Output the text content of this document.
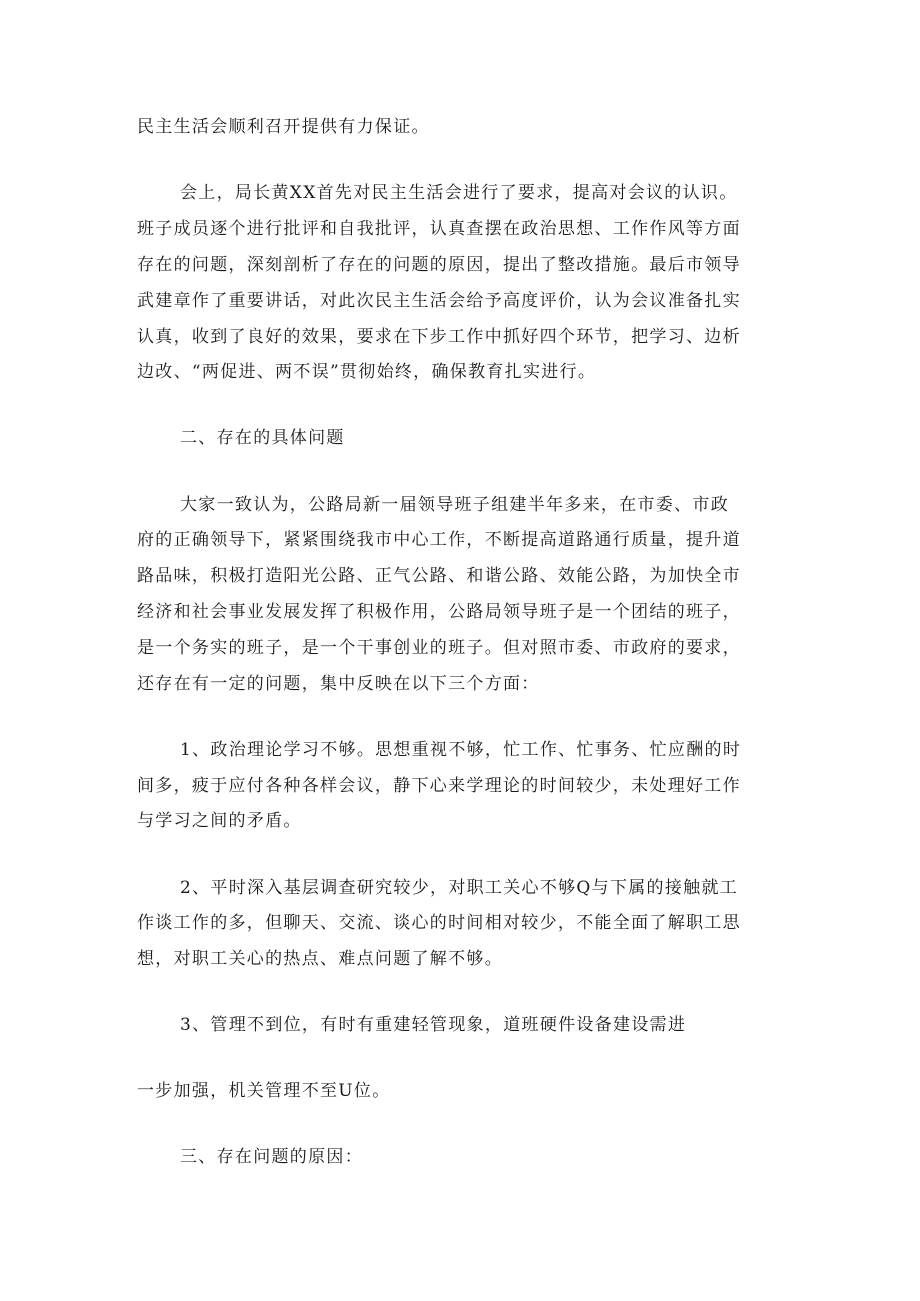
民主生活会顺利召开提供有力保证。

会上，局长黄XX首先对民主生活会进行了要求，提高对会议的认识。

班子成员逐个进行批评和自我批评，认真查摆在政治思想、工作作风等方面

存在的问题，深刻剖析了存在的问题的原因，提出了整改措施。最后市领导

武建章作了重要讲话，对此次民主生活会给予高度评价，认为会议准备扎实

认真，收到了良好的效果，要求在下步工作中抓好四个环节，把学习、边析

边改、“两促进、两不误”贯彻始终，确保教育扎实进行。

二、存在的具体问题

大家一致认为，公路局新一届领导班子组建半年多来，在市委、市政

府的正确领导下，紧紧围绕我市中心工作，不断提高道路通行质量，提升道

路品味，积极打造阳光公路、正气公路、和谐公路、效能公路，为加快全市

经济和社会事业发展发挥了积极作用，公路局领导班子是一个团结的班子，

是一个务实的班子，是一个干事创业的班子。但对照市委、市政府的要求，

还存在有一定的问题，集中反映在以下三个方面：

1、政治理论学习不够。思想重视不够，忙工作、忙事务、忙应酬的时

间多，疲于应付各种各样会议，静下心来学理论的时间较少，未处理好工作

与学习之间的矛盾。

2、平时深入基层调查研究较少，对职工关心不够Q与下属的接触就工

作谈工作的多，但聊天、交流、谈心的时间相对较少，不能全面了解职工思

想，对职工关心的热点、难点问题了解不够。

3、管理不到位，有时有重建轻管现象，道班硬件设备建设需进

一步加强，机关管理不至U位。

三、存在问题的原因：
